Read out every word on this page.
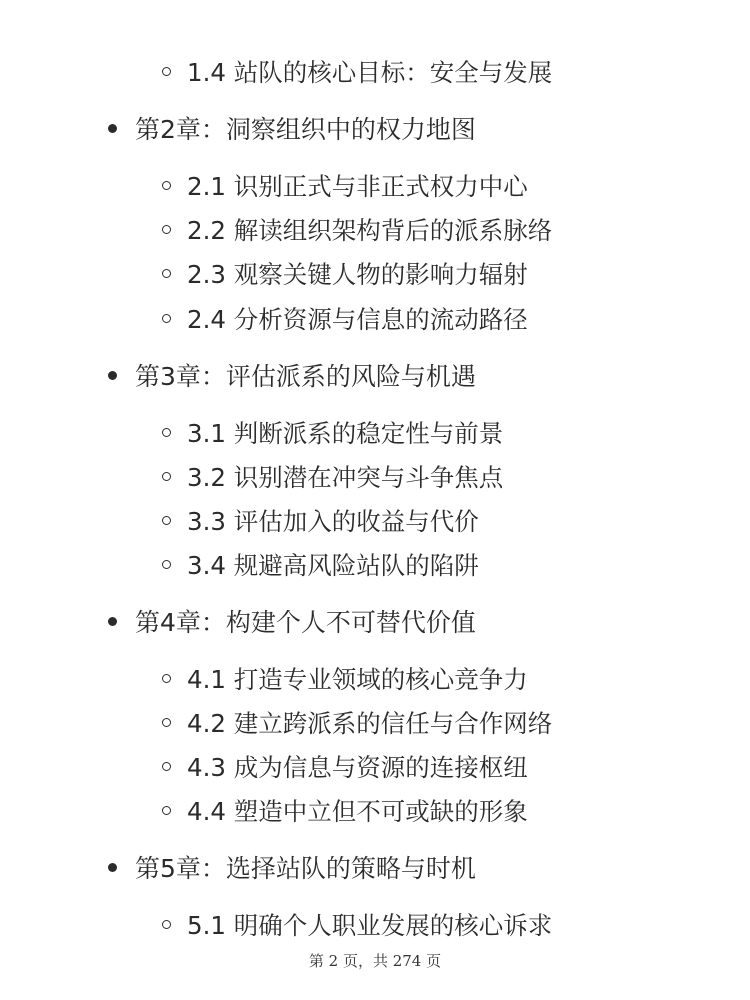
1.4 站队的核心目标：安全与发展
第2章：洞察组织中的权力地图
2.1 识别正式与非正式权力中心
2.2 解读组织架构背后的派系脉络
2.3 观察关键人物的影响力辐射
2.4 分析资源与信息的流动路径
第3章：评估派系的风险与机遇
3.1 判断派系的稳定性与前景
3.2 识别潜在冲突与斗争焦点
3.3 评估加入的收益与代价
3.4 规避高风险站队的陷阱
第4章：构建个人不可替代价值
4.1 打造专业领域的核心竞争力
4.2 建立跨派系的信任与合作网络
4.3 成为信息与资源的连接枢纽
4.4 塑造中立但不可或缺的形象
第5章：选择站队的策略与时机
5.1 明确个人职业发展的核心诉求
第 2 页，共 274 页
